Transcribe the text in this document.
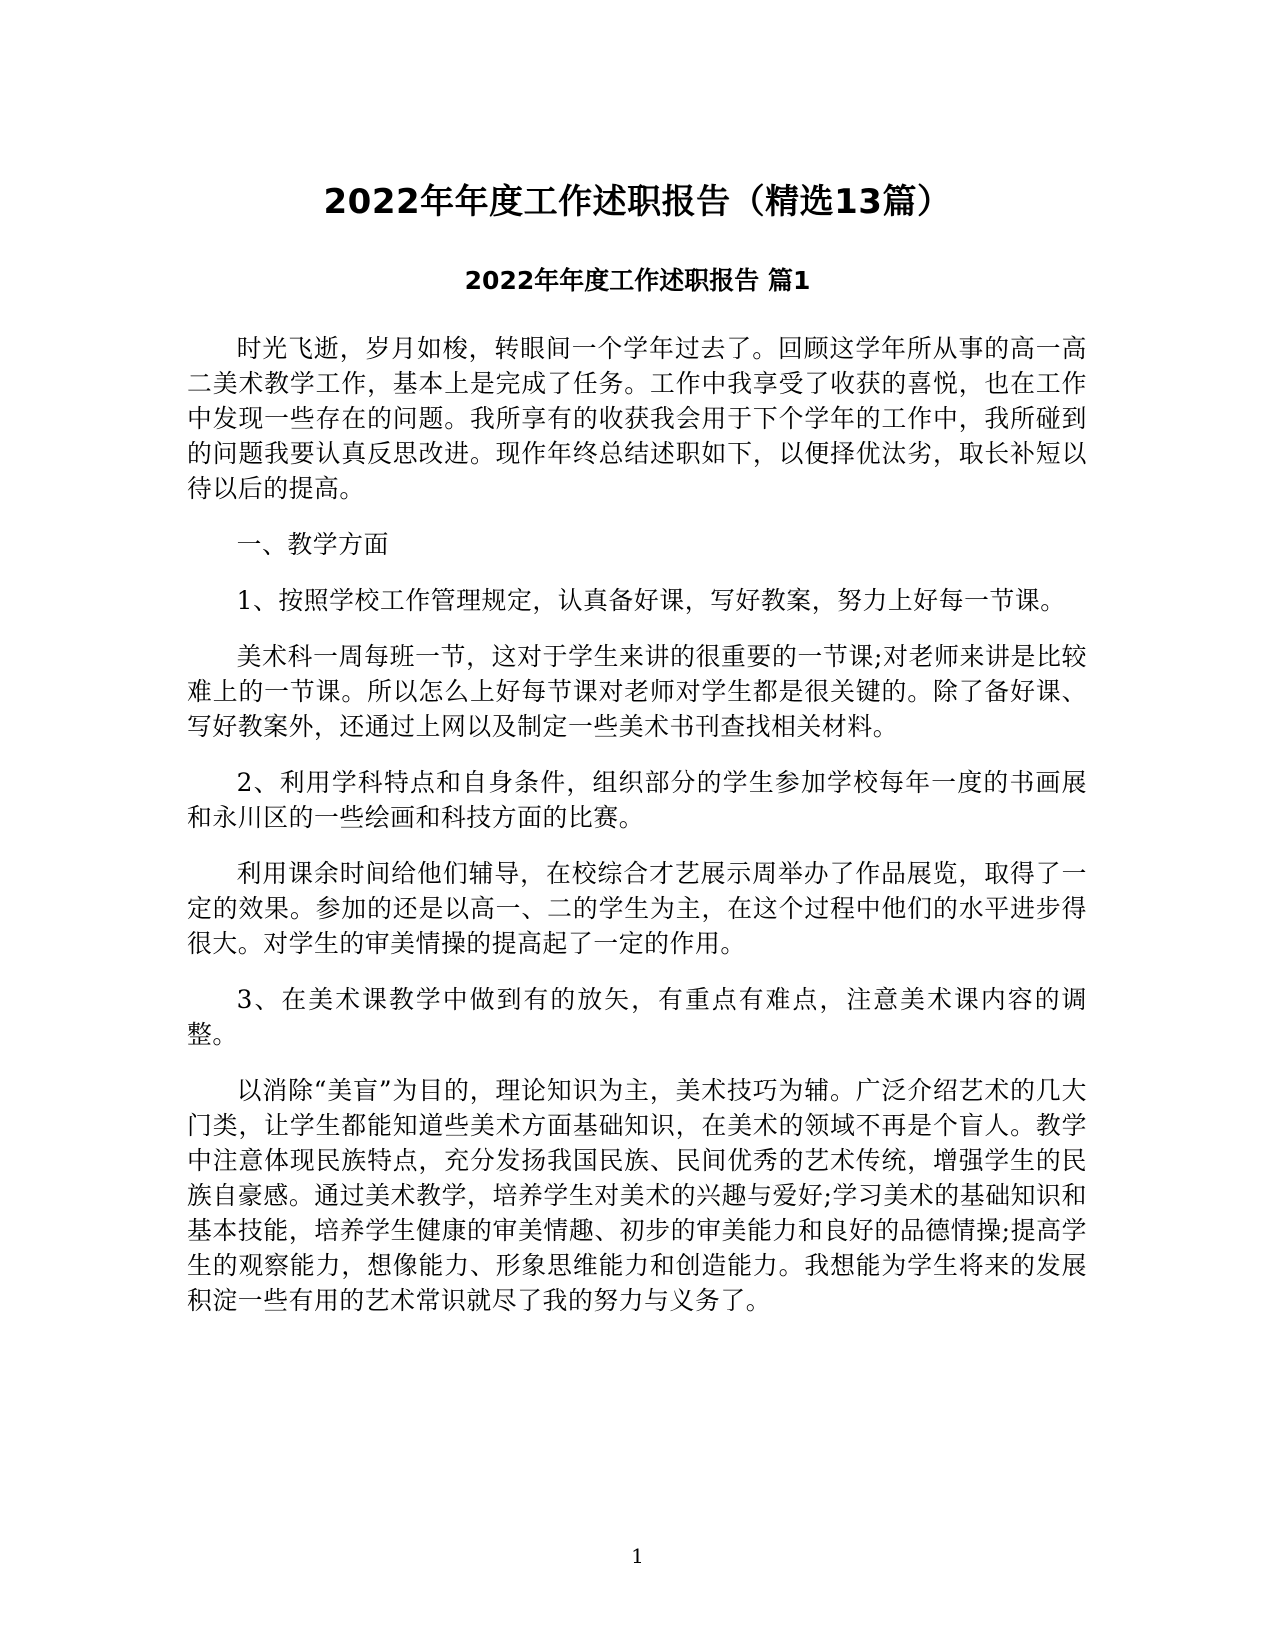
2022年年度工作述职报告（精选13篇）
2022年年度工作述职报告 篇1

时光飞逝，岁月如梭，转眼间一个学年过去了。回顾这学年所从事的高一高二美术教学工作，基本上是完成了任务。工作中我享受了收获的喜悦，也在工作中发现一些存在的问题。我所享有的收获我会用于下个学年的工作中，我所碰到的问题我要认真反思改进。现作年终总结述职如下，以便择优汰劣，取长补短以待以后的提高。

一、教学方面

1、按照学校工作管理规定，认真备好课，写好教案，努力上好每一节课。

美术科一周每班一节，这对于学生来讲的很重要的一节课;对老师来讲是比较难上的一节课。所以怎么上好每节课对老师对学生都是很关键的。除了备好课、写好教案外，还通过上网以及制定一些美术书刊查找相关材料。

2、利用学科特点和自身条件，组织部分的学生参加学校每年一度的书画展和永川区的一些绘画和科技方面的比赛。

利用课余时间给他们辅导，在校综合才艺展示周举办了作品展览，取得了一定的效果。参加的还是以高一、二的学生为主，在这个过程中他们的水平进步得很大。对学生的审美情操的提高起了一定的作用。

3、在美术课教学中做到有的放矢，有重点有难点，注意美术课内容的调整。

以消除“美盲”为目的，理论知识为主，美术技巧为辅。广泛介绍艺术的几大门类，让学生都能知道些美术方面基础知识，在美术的领域不再是个盲人。教学中注意体现民族特点，充分发扬我国民族、民间优秀的艺术传统，增强学生的民族自豪感。通过美术教学，培养学生对美术的兴趣与爱好;学习美术的基础知识和基本技能，培养学生健康的审美情趣、初步的审美能力和良好的品德情操;提高学生的观察能力，想像能力、形象思维能力和创造能力。我想能为学生将来的发展积淀一些有用的艺术常识就尽了我的努力与义务了。

1
